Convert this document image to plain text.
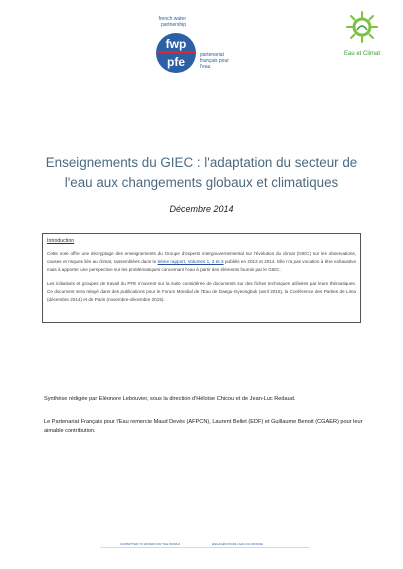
french water partnership
fwp
pfe	partenariat français pour l'eau
Eau et Climat
Enseignements du GIEC : l'adaptation du secteur de
l'eau aux changements globaux et climatiques
Décembre 2014
Introduction

Cette note offre une décryptage des enseignements du Groupe d'experts intergouvernemental sur l'évolution du climat (GIEC) sur les observations, causes et risques liés au climat, rassemblées dans le 5ème rapport, Volumes 1, 2 et 3 publiés en 2013 et 2014. Elle n'a pas vocation à être exhaustive mais à apporter une perspective sur les problématiques concernant l'eau à partir des éléments fournis par le GIEC.

Les initiatives et groupes de travail du PFE s'ouvrent sur la suite considérée de documents sur des fiches techniques utilisées par leurs thématiques. Ce document sera relayé dans des publications pour le Forum Mondial de l'Eau de Daegu-Gyeongbuk (avril 2015), la Conférence des Parties de Lima (décembre 2014) et de Paris (novembre-décembre 2015).

Synthèse rédigée par Eléonore Lebouvier, sous la direction d'Héloïse Chicou et de Jean-Luc Redaud.

Le Partenariat Français pour l'Eau remercie Maud Devès (AFPCN), Laurent Bellet (EDF) et Guillaume Benoit (CGAER) pour leur aimable contribution.

COMMITTED TO WATER FOR THE WORLD	ENGAGÉS POUR L'EAU DU MONDE
